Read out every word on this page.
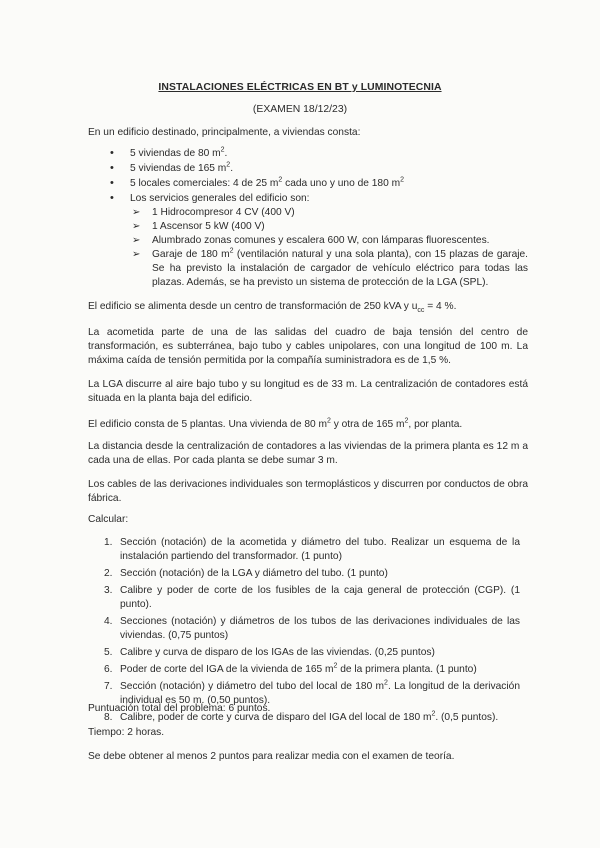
INSTALACIONES ELÉCTRICAS EN BT y LUMINOTECNIA
(EXAMEN 18/12/23)
En un edificio destinado, principalmente, a viviendas consta:
• 5 viviendas de 80 $m^2$.
• 5 viviendas de 165 $m^2$.
• 5 locales comerciales: 4 de 25 $m^2$ cada uno y uno de 180 $m^2$
• Los servicios generales del edificio son:
➢ 1 Hidrocompresor 4 CV (400 V)
➢ 1 Ascensor 5 kW (400 V)
➢ Alumbrado zonas comunes y escalera 600 W, con lámparas fluorescentes.
➢ Garaje de 180 $m^2$ (ventilación natural y una sola planta), con 15 plazas de garaje. Se ha previsto la instalación de cargador de vehículo eléctrico para todas las plazas. Además, se ha previsto un sistema de protección de la LGA (SPL).
El edificio se alimenta desde un centro de transformación de 250 kVA y $u_{cc} = 4$ %.
La acometida parte de una de las salidas del cuadro de baja tensión del centro de transformación, es subterránea, bajo tubo y cables unipolares, con una longitud de 100 m. La máxima caída de tensión permitida por la compañía suministradora es de 1,5 %.
La LGA discurre al aire bajo tubo y su longitud es de 33 m. La centralización de contadores está situada en la planta baja del edificio.
El edificio consta de 5 plantas. Una vivienda de 80 $m^2$ y otra de 165 $m^2$, por planta.
La distancia desde la centralización de contadores a las viviendas de la primera planta es 12 m a cada una de ellas. Por cada planta se debe sumar 3 m.
Los cables de las derivaciones individuales son termoplásticos y discurren por conductos de obra fábrica.
Calcular:
1. Sección (notación) de la acometida y diámetro del tubo. Realizar un esquema de la instalación partiendo del transformador. (1 punto)
2. Sección (notación) de la LGA y diámetro del tubo. (1 punto)
3. Calibre y poder de corte de los fusibles de la caja general de protección (CGP). (1 punto).
4. Secciones (notación) y diámetros de los tubos de las derivaciones individuales de las viviendas. (0,75 puntos)
5. Calibre y curva de disparo de los IGAs de las viviendas. (0,25 puntos)
6. Poder de corte del IGA de la vivienda de 165 $m^2$ de la primera planta. (1 punto)
7. Sección (notación) y diámetro del tubo del local de 180 $m^2$. La longitud de la derivación individual es 50 m. (0,50 puntos).
8. Calibre, poder de corte y curva de disparo del IGA del local de 180 $m^2$. (0,5 puntos).
Puntuación total del problema: 6 puntos.
Tiempo: 2 horas.
Se debe obtener al menos 2 puntos para realizar media con el examen de teoría.
